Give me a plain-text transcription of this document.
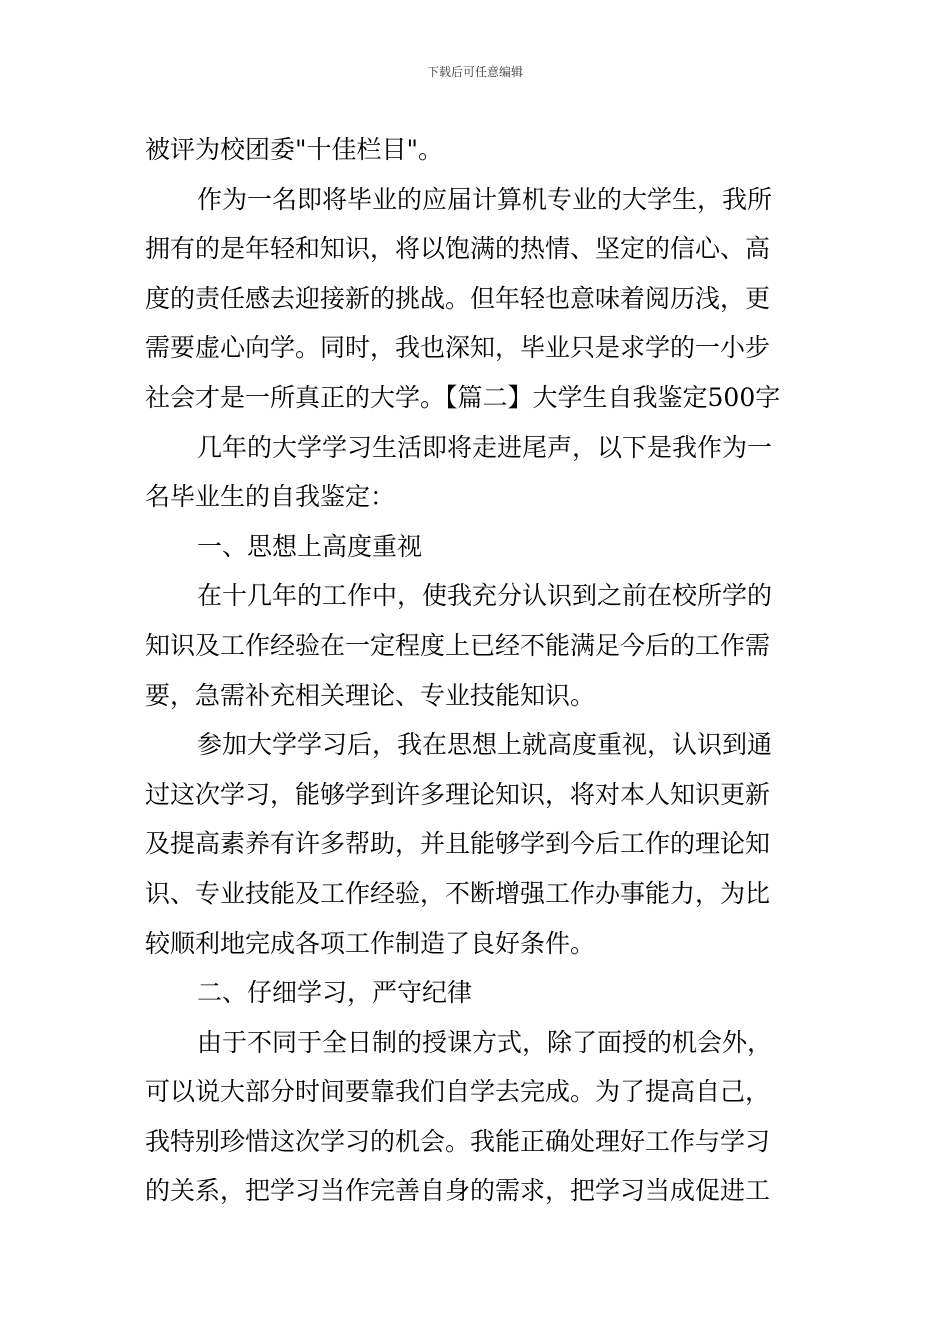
下载后可任意编辑
被评为校团委"十佳栏目"。
作为一名即将毕业的应届计算机专业的大学生，我所
拥有的是年轻和知识，将以饱满的热情、坚定的信心、高
度的责任感去迎接新的挑战。但年轻也意味着阅历浅，更
需要虚心向学。同时，我也深知，毕业只是求学的一小步
社会才是一所真正的大学。【篇二】大学生自我鉴定500字
几年的大学学习生活即将走进尾声，以下是我作为一
名毕业生的自我鉴定：
一、思想上高度重视
在十几年的工作中，使我充分认识到之前在校所学的
知识及工作经验在一定程度上已经不能满足今后的工作需
要，急需补充相关理论、专业技能知识。
参加大学学习后，我在思想上就高度重视，认识到通
过这次学习，能够学到许多理论知识，将对本人知识更新
及提高素养有许多帮助，并且能够学到今后工作的理论知
识、专业技能及工作经验，不断增强工作办事能力，为比
较顺利地完成各项工作制造了良好条件。
二、仔细学习，严守纪律
由于不同于全日制的授课方式，除了面授的机会外，
可以说大部分时间要靠我们自学去完成。为了提高自己，
我特别珍惜这次学习的机会。我能正确处理好工作与学习
的关系，把学习当作完善自身的需求，把学习当成促进工
